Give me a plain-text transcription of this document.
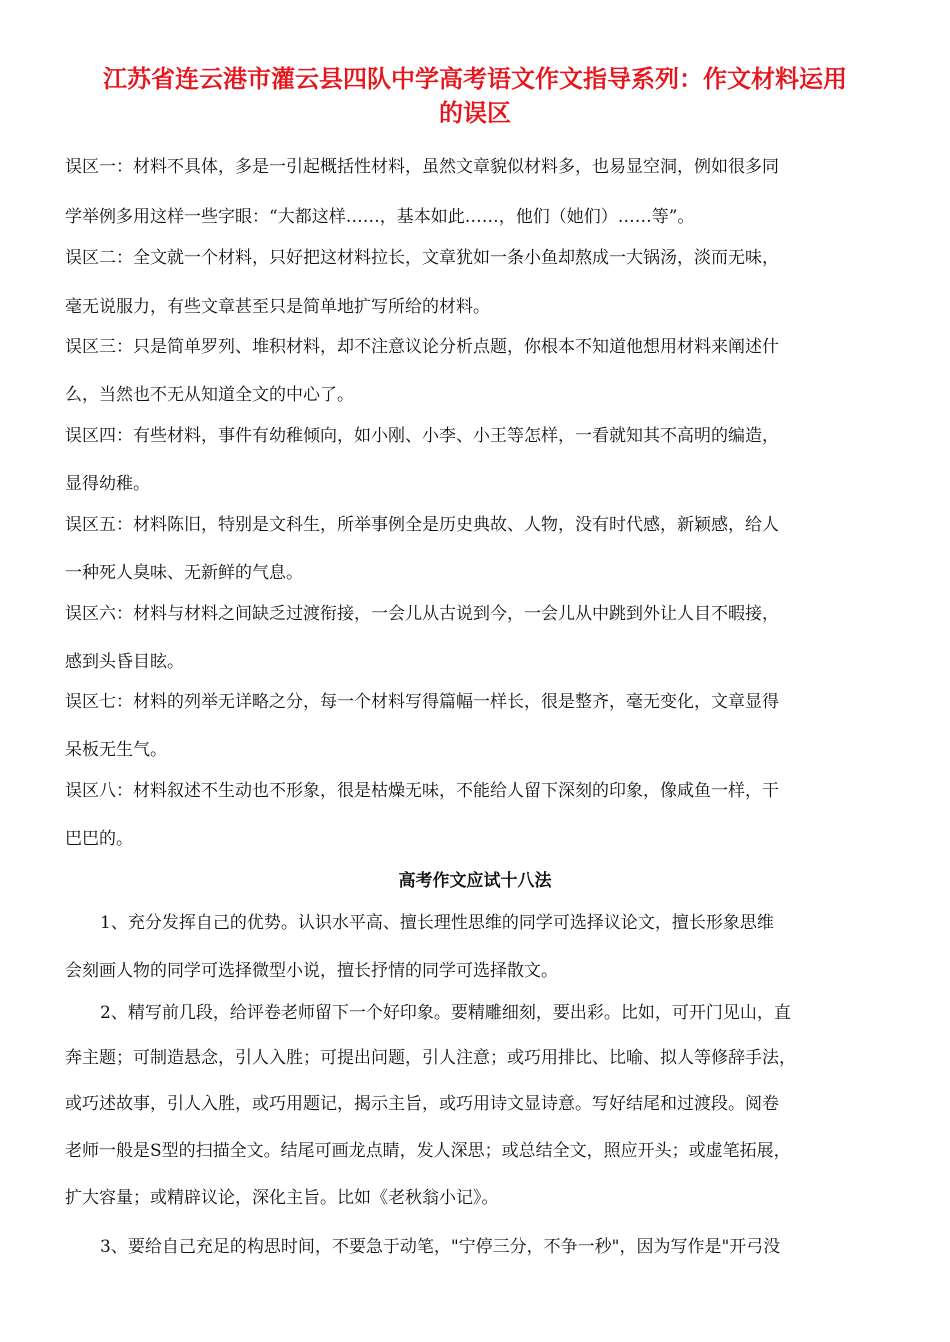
江苏省连云港市灌云县四队中学高考语文作文指导系列：作文材料运用
的误区
误区一：材料不具体，多是一引起概括性材料，虽然文章貌似材料多，也易显空洞，例如很多同
学举例多用这样一些字眼：“大都这样……，基本如此……，他们（她们）……等”。
误区二：全文就一个材料，只好把这材料拉长，文章犹如一条小鱼却熬成一大锅汤，淡而无味，
毫无说服力，有些文章甚至只是简单地扩写所给的材料。
误区三：只是简单罗列、堆积材料，却不注意议论分析点题，你根本不知道他想用材料来阐述什
么，当然也不无从知道全文的中心了。
误区四：有些材料，事件有幼稚倾向，如小刚、小李、小王等怎样，一看就知其不高明的编造，
显得幼稚。
误区五：材料陈旧，特别是文科生，所举事例全是历史典故、人物，没有时代感，新颖感，给人
一种死人臭味、无新鲜的气息。
误区六：材料与材料之间缺乏过渡衔接，一会儿从古说到今，一会儿从中跳到外让人目不暇接，
感到头昏目眩。
误区七：材料的列举无详略之分，每一个材料写得篇幅一样长，很是整齐，毫无变化，文章显得
呆板无生气。
误区八：材料叙述不生动也不形象，很是枯燥无味，不能给人留下深刻的印象，像咸鱼一样，干
巴巴的。
高考作文应试十八法
1、充分发挥自己的优势。认识水平高、擅长理性思维的同学可选择议论文，擅长形象思维
会刻画人物的同学可选择微型小说，擅长抒情的同学可选择散文。
2、精写前几段，给评卷老师留下一个好印象。要精雕细刻，要出彩。比如，可开门见山，直
奔主题；可制造悬念，引人入胜；可提出问题，引人注意；或巧用排比、比喻、拟人等修辞手法，
或巧述故事，引人入胜，或巧用题记，揭示主旨，或巧用诗文显诗意。写好结尾和过渡段。阅卷
老师一般是S型的扫描全文。结尾可画龙点睛，发人深思；或总结全文，照应开头；或虚笔拓展，
扩大容量；或精辟议论，深化主旨。比如《老秋翁小记》。
3、要给自己充足的构思时间，不要急于动笔，"宁停三分，不争一秒"，因为写作是"开弓没
